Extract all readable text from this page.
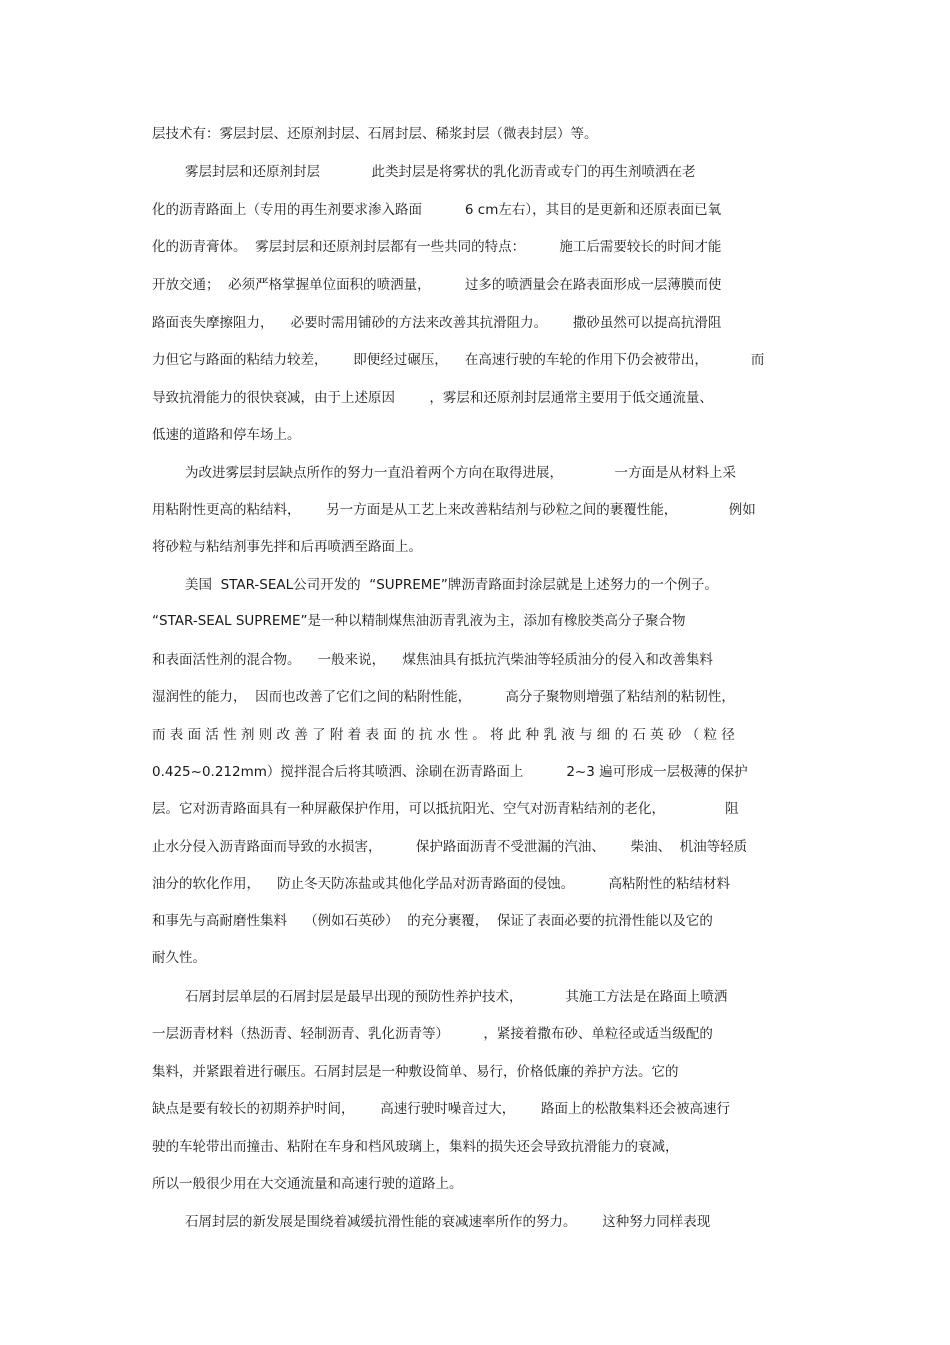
层技术有：雾层封层、还原剂封层、石屑封层、稀浆封层（微表封层）等。
雾层封层和还原剂封层            此类封层是将雾状的乳化沥青或专门的再生剂喷洒在老
化的沥青路面上（专用的再生剂要求渗入路面          6 cm左右），其目的是更新和还原表面已氧
化的沥青膏体。  雾层封层和还原剂封层都有一些共同的特点：        施工后需要较长的时间才能
开放交通；  必须严格掌握单位面积的喷洒量，        过多的喷洒量会在路表面形成一层薄膜而使
路面丧失摩擦阻力，    必要时需用铺砂的方法来改善其抗滑阻力。      撒砂虽然可以提高抗滑阻
力但它与路面的粘结力较差，      即便经过碾压，    在高速行驶的车轮的作用下仍会被带出，          而
导致抗滑能力的很快衰减，由于上述原因        ，雾层和还原剂封层通常主要用于低交通流量、
低速的道路和停车场上。
为改进雾层封层缺点所作的努力一直沿着两个方向在取得进展，            一方面是从材料上采
用粘附性更高的粘结料，      另一方面是从工艺上来改善粘结剂与砂粒之间的裹覆性能，            例如
将砂粒与粘结剂事先拌和后再喷洒至路面上。
美国  STAR-SEAL公司开发的  “SUPREME”牌沥青路面封涂层就是上述努力的一个例子。
“STAR-SEAL SUPREME”是一种以精制煤焦油沥青乳液为主，添加有橡胶类高分子聚合物
和表面活性剂的混合物。    一般来说，    煤焦油具有抵抗汽柴油等轻质油分的侵入和改善集料
湿润性的能力，  因而也改善了它们之间的粘附性能，        高分子聚物则增强了粘结剂的粘韧性，
而 表 面 活 性 剂 则 改 善 了 附 着 表 面 的 抗 水 性 。 将 此 种 乳 液 与 细 的 石 英 砂 （ 粒 径
0.425~0.212mm）搅拌混合后将其喷洒、涂刷在沥青路面上          2~3 遍可形成一层极薄的保护
层。它对沥青路面具有一种屏蔽保护作用，可以抵抗阳光、空气对沥青粘结剂的老化，              阻
止水分侵入沥青路面而导致的水损害，        保护路面沥青不受泄漏的汽油、      柴油、  机油等轻质
油分的软化作用，    防止冬天防冻盐或其他化学品对沥青路面的侵蚀。        高粘附性的粘结材料
和事先与高耐磨性集料    （例如石英砂）  的充分裹覆，  保证了表面必要的抗滑性能以及它的
耐久性。
石屑封层单层的石屑封层是最早出现的预防性养护技术，          其施工方法是在路面上喷洒
一层沥青材料（热沥青、轻制沥青、乳化沥青等）        ，紧接着撒布砂、单粒径或适当级配的
集料，并紧跟着进行碾压。石屑封层是一种敷设简单、易行，价格低廉的养护方法。它的
缺点是要有较长的初期养护时间，      高速行驶时噪音过大，      路面上的松散集料还会被高速行
驶的车轮带出而撞击、粘附在车身和档风玻璃上，集料的损失还会导致抗滑能力的衰减，
所以一般很少用在大交通流量和高速行驶的道路上。
石屑封层的新发展是围绕着减缓抗滑性能的衰减速率所作的努力。      这种努力同样表现
